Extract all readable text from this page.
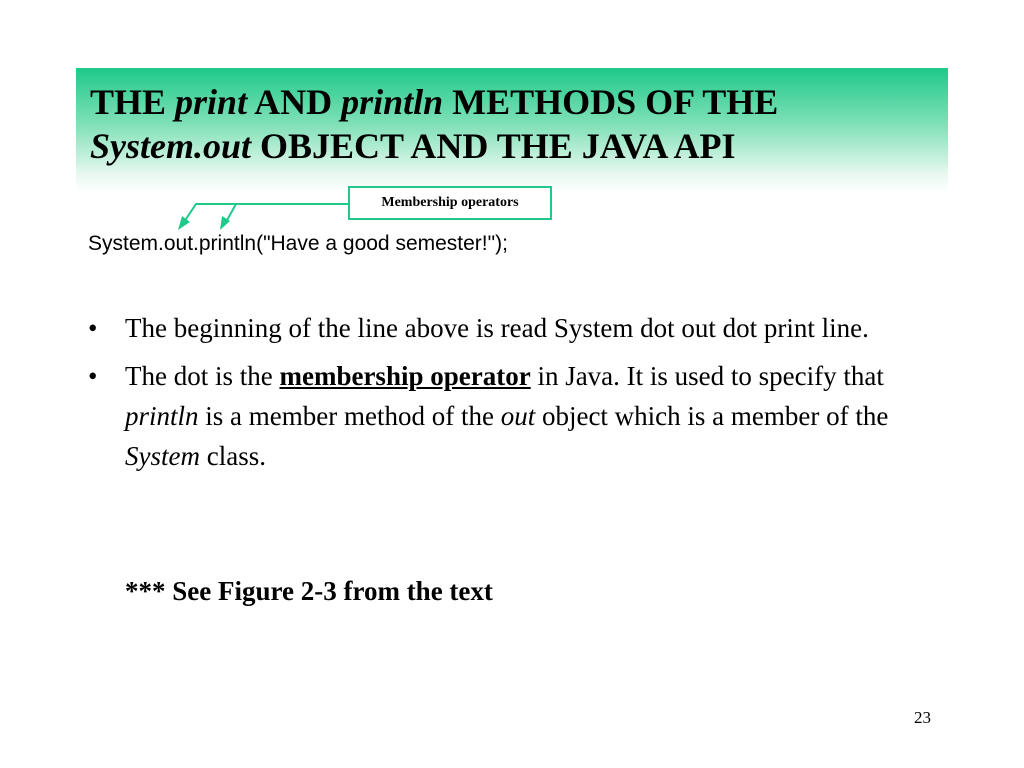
THE print AND println METHODS OF THE
System.out OBJECT AND THE JAVA API
Membership operators
System.out.println("Have a good semester!");
• The beginning of the line above is read System dot out dot print line.
• The dot is the membership operator in Java. It is used to specify that println is a member method of the out object which is a member of the System class.
*** See Figure 2-3 from the text
23
